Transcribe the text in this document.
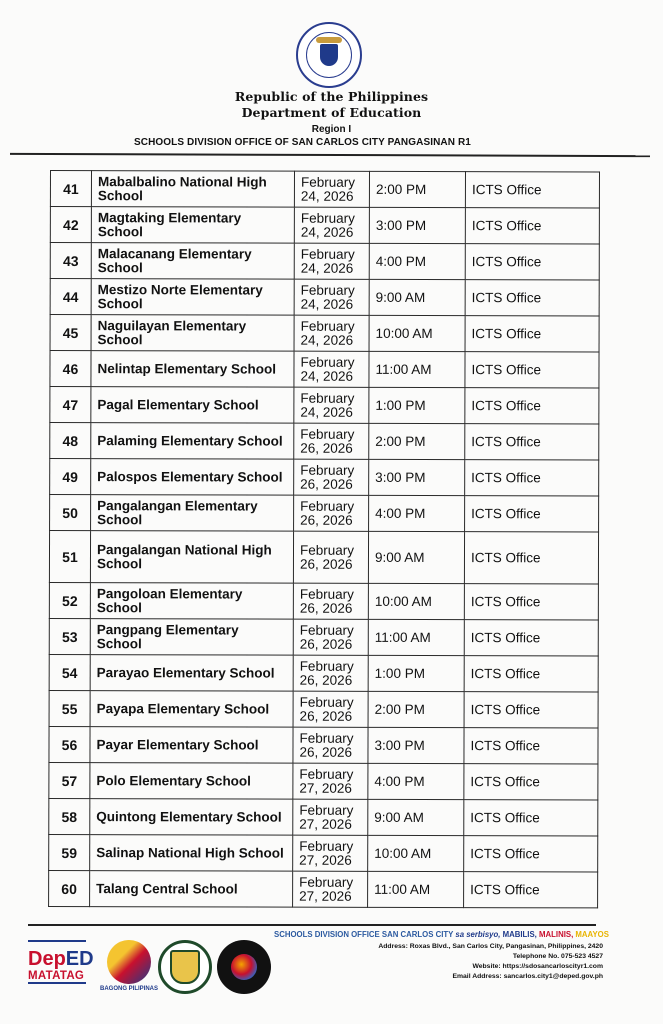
Republic of the Philippines
Department of Education
Region I
SCHOOLS DIVISION OFFICE OF SAN CARLOS CITY PANGASINAN R1
41	Mabalbalino National High School	February 24, 2026	2:00 PM	ICTS Office
42	Magtaking Elementary School	February 24, 2026	3:00 PM	ICTS Office
43	Malacanang Elementary School	February 24, 2026	4:00 PM	ICTS Office
44	Mestizo Norte Elementary School	February 24, 2026	9:00 AM	ICTS Office
45	Naguilayan Elementary School	February 24, 2026	10:00 AM	ICTS Office
46	Nelintap Elementary School	February 24, 2026	11:00 AM	ICTS Office
47	Pagal Elementary School	February 24, 2026	1:00 PM	ICTS Office
48	Palaming Elementary School	February 26, 2026	2:00 PM	ICTS Office
49	Palospos Elementary School	February 26, 2026	3:00 PM	ICTS Office
50	Pangalangan Elementary School	February 26, 2026	4:00 PM	ICTS Office
51	Pangalangan National High School	February 26, 2026	9:00 AM	ICTS Office
52	Pangoloan Elementary School	February 26, 2026	10:00 AM	ICTS Office
53	Pangpang Elementary School	February 26, 2026	11:00 AM	ICTS Office
54	Parayao Elementary School	February 26, 2026	1:00 PM	ICTS Office
55	Payapa Elementary School	February 26, 2026	2:00 PM	ICTS Office
56	Payar Elementary School	February 26, 2026	3:00 PM	ICTS Office
57	Polo Elementary School	February 27, 2026	4:00 PM	ICTS Office
58	Quintong Elementary School	February 27, 2026	9:00 AM	ICTS Office
59	Salinap National High School	February 27, 2026	10:00 AM	ICTS Office
60	Talang Central School	February 27, 2026	11:00 AM	ICTS Office
DepED
MATATAG
BAGONG PILIPINAS
SCHOOLS DIVISION OFFICE SAN CARLOS CITY sa serbisyo, MABILIS, MALINIS, MAAYOS
Address: Roxas Blvd., San Carlos City, Pangasinan, Philippines, 2420
Telephone No. 075-523 4527
Website: https://sdosancarloscityr1.com
Email Address: sancarlos.city1@deped.gov.ph
